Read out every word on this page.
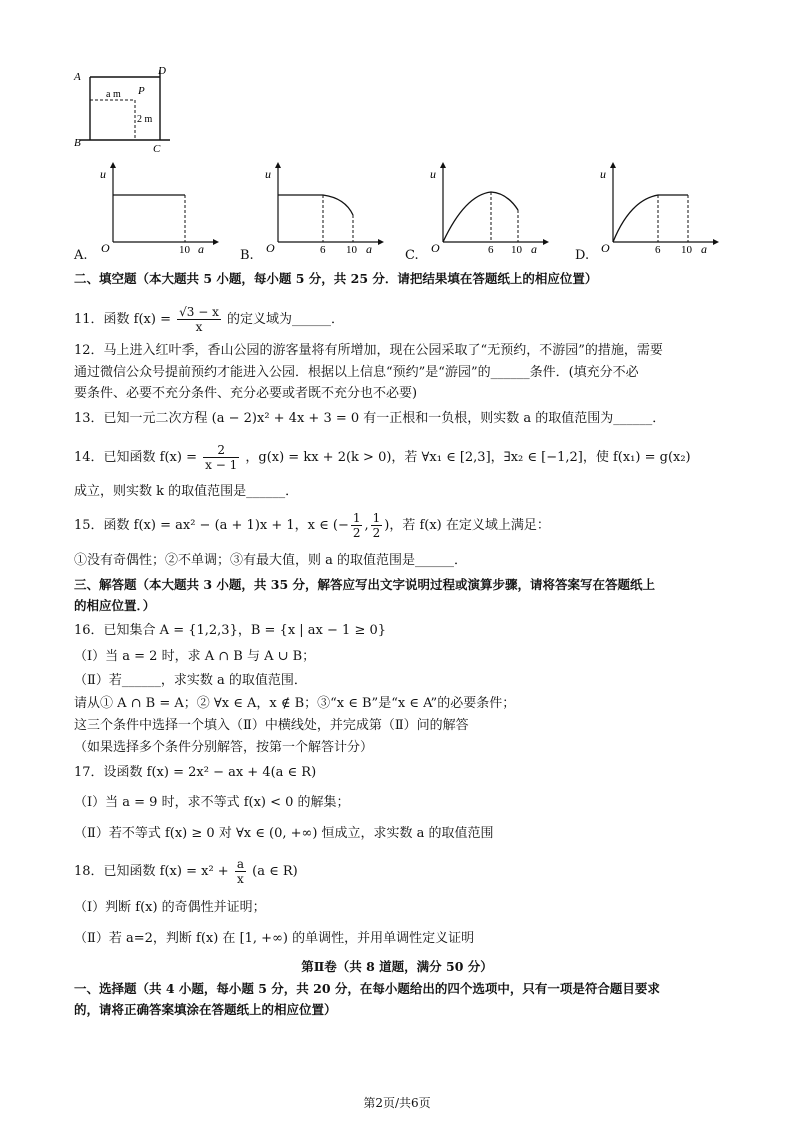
A	D
B	C
P
a m
2 m
u
O	10 a
A.
u
O	6 10 a
B.
u
O	6 10 a
C.
u
O	6 10 a
D.
二、填空题（本大题共 5 小题，每小题 5 分，共 25 分．请把结果填在答题纸上的相应位置）
11．函数 $f(x) = \frac{√3 - x}{x}$ 的定义域为______．
12．马上进入红叶季，香山公园的游客量将有所增加，现在公园采取了“无预约，不游园”的措施，需要
通过微信公众号提前预约才能进入公园．根据以上信息“预约”是“游园”的______条件．(填充分不必
要条件、必要不充分条件、充分必要或者既不充分也不必要)
13．已知一元二次方程 (a − 2)x² + 4x + 3 = 0 有一正根和一负根，则实数 a 的取值范围为______．
14．已知函数 $f(x) = \frac{2}{x - 1}$ ，g(x) = kx + 2(k > 0)，若 ∀x₁ ∈ [2,3]，∃x₂ ∈ [−1,2]，使 f(x₁) = g(x₂)
成立，则实数 k 的取值范围是______．
15．函数 f(x) = ax² − (a + 1)x + 1，x ∈ (− $\frac{1}{2}$ , $\frac{1}{2}$ )，若 f(x) 在定义域上满足：
①没有奇偶性；②不单调；③有最大值，则 a 的取值范围是______．
三、解答题（本大题共 3 小题，共 35 分，解答应写出文字说明过程或演算步骤，请将答案写在答题纸上
的相应位置．）
16．已知集合 A = {1,2,3}，B = {x | ax − 1 ≥ 0}
（Ⅰ）当 a = 2 时，求 A ∩ B 与 A ∪ B；
（Ⅱ）若______，求实数 a 的取值范围．
请从① A ∩ B = A；② ∀x ∈ A，x ∉ B；③“x ∈ B”是“x ∈ A”的必要条件；
这三个条件中选择一个填入（Ⅱ）中横线处，并完成第（Ⅱ）问的解答
（如果选择多个条件分别解答，按第一个解答计分）
17．设函数 f(x) = 2x² − ax + 4(a ∈ R)
（Ⅰ）当 a = 9 时，求不等式 f(x) < 0 的解集；
（Ⅱ）若不等式 f(x) ≥ 0 对 ∀x ∈ (0, +∞) 恒成立，求实数 a 的取值范围
18．已知函数 $f(x) = x^2 + \frac{a}{x} (a$ ∈ R)
（Ⅰ）判断 f(x) 的奇偶性并证明；
（Ⅱ）若 a=2，判断 f(x) 在 [1, +∞) 的单调性，并用单调性定义证明
第Ⅱ卷（共 8 道题，满分 50 分）
一、选择题（共 4 小题，每小题 5 分，共 20 分，在每小题给出的四个选项中，只有一项是符合题目要求
的，请将正确答案填涂在答题纸上的相应位置）
第2页/共6页
